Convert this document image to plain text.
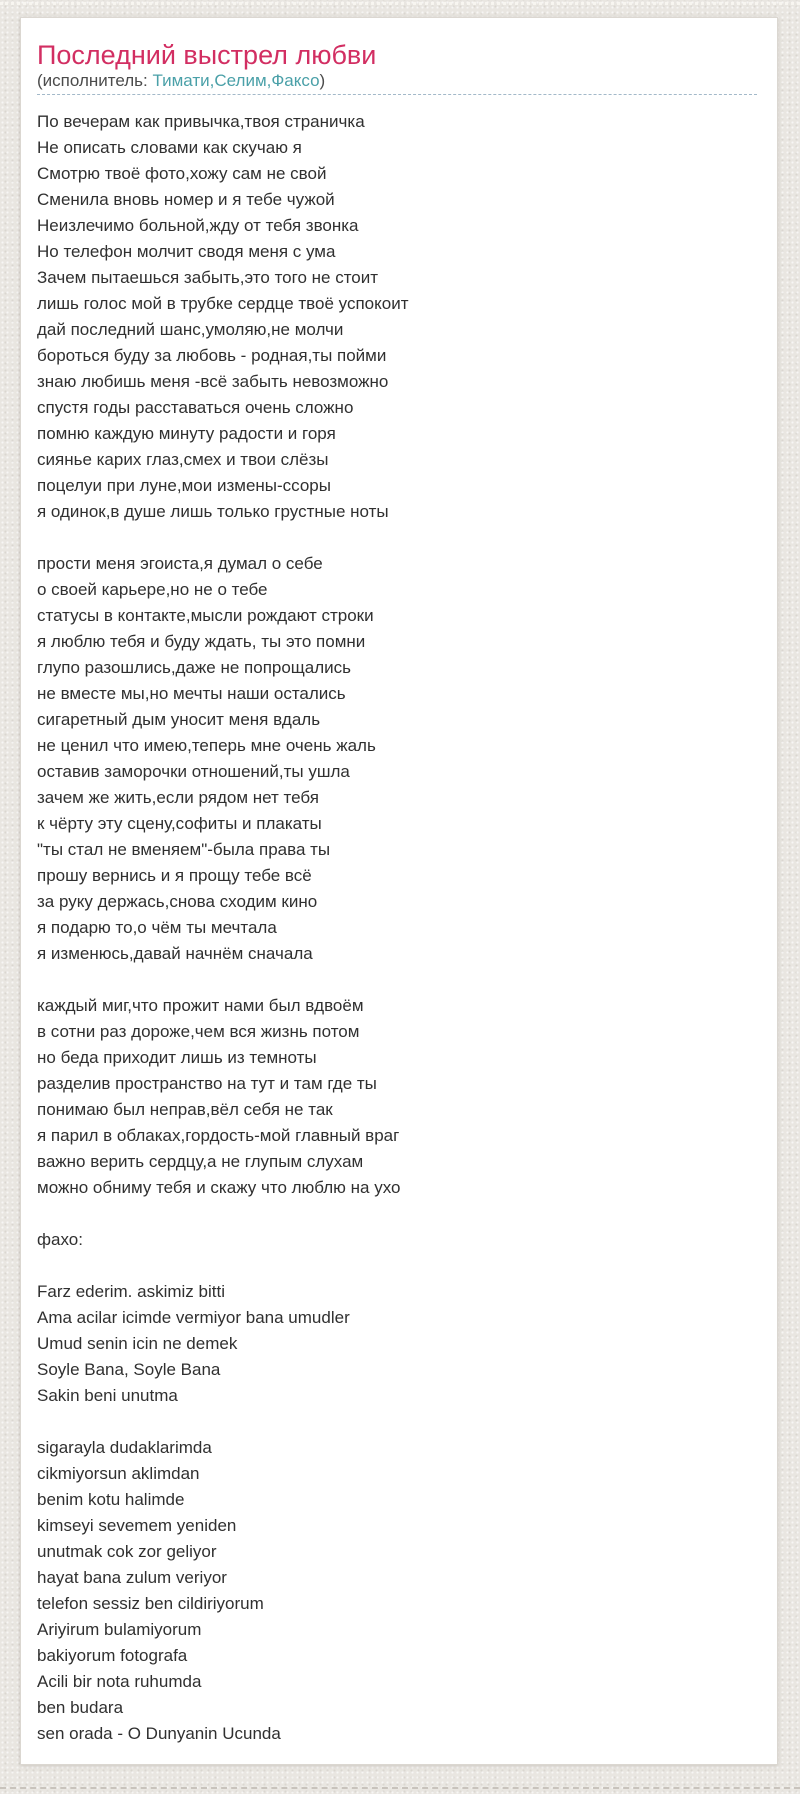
Последний выстрел любви
(исполнитель: Тимати,Селим,Факсо)
По вечерам как привычка,твоя страничка
Не описать словами как скучаю я
Смотрю твоё фото,хожу сам не свой
Сменила вновь номер и я тебе чужой
Неизлечимо больной,жду от тебя звонка
Но телефон молчит сводя меня с ума
Зачем пытаешься забыть,это того не стоит
лишь голос мой в трубке сердце твоё успокоит
дай последний шанс,умоляю,не молчи
бороться буду за любовь - родная,ты пойми
знаю любишь меня -всё забыть невозможно
спустя годы расставаться очень сложно
помню каждую минуту радости и горя
сиянье карих глаз,смех и твои слёзы
поцелуи при луне,мои измены-ссоры
я одинок,в душе лишь только грустные ноты
прости меня эгоиста,я думал о себе
о своей карьере,но не о тебе
статусы в контакте,мысли рождают строки
я люблю тебя и буду ждать, ты это помни
глупо разошлись,даже не попрощались
не вместе мы,но мечты наши остались
сигаретный дым уносит меня вдаль
не ценил что имею,теперь мне очень жаль
оставив заморочки отношений,ты ушла
зачем же жить,если рядом нет тебя
к чёрту эту сцену,софиты и плакаты
"ты стал не вменяем"-была права ты
прошу вернись и я прощу тебе всё
за руку держась,снова сходим кино
я подарю то,о чём ты мечтала
я изменюсь,давай начнём сначала
каждый миг,что прожит нами был вдвоём
в сотни раз дороже,чем вся жизнь потом
но беда приходит лишь из темноты
разделив пространство на тут и там где ты
понимаю был неправ,вёл себя не так
я парил в облаках,гордость-мой главный враг
важно верить сердцу,а не глупым слухам
можно обниму тебя и скажу что люблю на ухо
фахо:
Farz ederim. askimiz bitti
Ama acilar icimde vermiyor bana umudler
Umud senin icin ne demek
Soyle Bana, Soyle Bana
Sakin beni unutma
sigarayla dudaklarimda
cikmiyorsun aklimdan
benim kotu halimde
kimseyi sevemem yeniden
unutmak cok zor geliyor
hayat bana zulum veriyor
telefon sessiz ben cildiriyorum
Ariyirum bulamiyorum
bakiyorum fotografa
Acili bir nota ruhumda
ben budara
sen orada - O Dunyanin Ucunda
